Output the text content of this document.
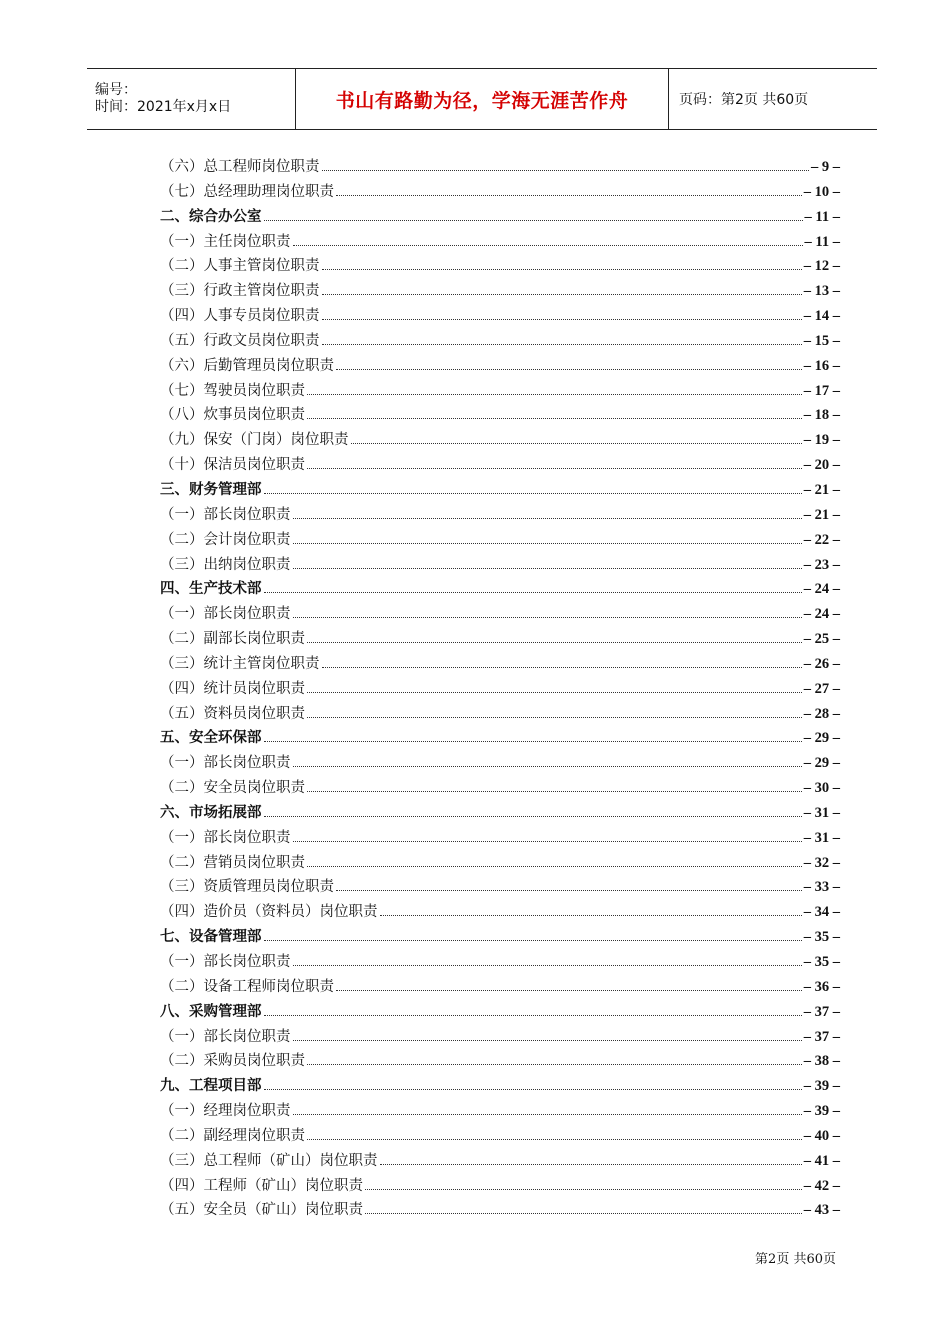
编号：
时间：2021年x月x日	书山有路勤为径，学海无涯苦作舟	页码：第2页 共60页
（六）总工程师岗位职责	– 9 –
（七）总经理助理岗位职责	– 10 –
二、综合办公室	– 11 –
（一）主任岗位职责	– 11 –
（二）人事主管岗位职责	– 12 –
（三）行政主管岗位职责	– 13 –
（四）人事专员岗位职责	– 14 –
（五）行政文员岗位职责	– 15 –
（六）后勤管理员岗位职责	– 16 –
（七）驾驶员岗位职责	– 17 –
（八）炊事员岗位职责	– 18 –
（九）保安（门岗）岗位职责	– 19 –
（十）保洁员岗位职责	– 20 –
三、财务管理部	– 21 –
（一）部长岗位职责	– 21 –
（二）会计岗位职责	– 22 –
（三）出纳岗位职责	– 23 –
四、生产技术部	– 24 –
（一）部长岗位职责	– 24 –
（二）副部长岗位职责	– 25 –
（三）统计主管岗位职责	– 26 –
（四）统计员岗位职责	– 27 –
（五）资料员岗位职责	– 28 –
五、安全环保部	– 29 –
（一）部长岗位职责	– 29 –
（二）安全员岗位职责	– 30 –
六、市场拓展部	– 31 –
（一）部长岗位职责	– 31 –
（二）营销员岗位职责	– 32 –
（三）资质管理员岗位职责	– 33 –
（四）造价员（资料员）岗位职责	– 34 –
七、设备管理部	– 35 –
（一）部长岗位职责	– 35 –
（二）设备工程师岗位职责	– 36 –
八、采购管理部	– 37 –
（一）部长岗位职责	– 37 –
（二）采购员岗位职责	– 38 –
九、工程项目部	– 39 –
（一）经理岗位职责	– 39 –
（二）副经理岗位职责	– 40 –
（三）总工程师（矿山）岗位职责	– 41 –
（四）工程师（矿山）岗位职责	– 42 –
（五）安全员（矿山）岗位职责	– 43 –
第2页 共60页
